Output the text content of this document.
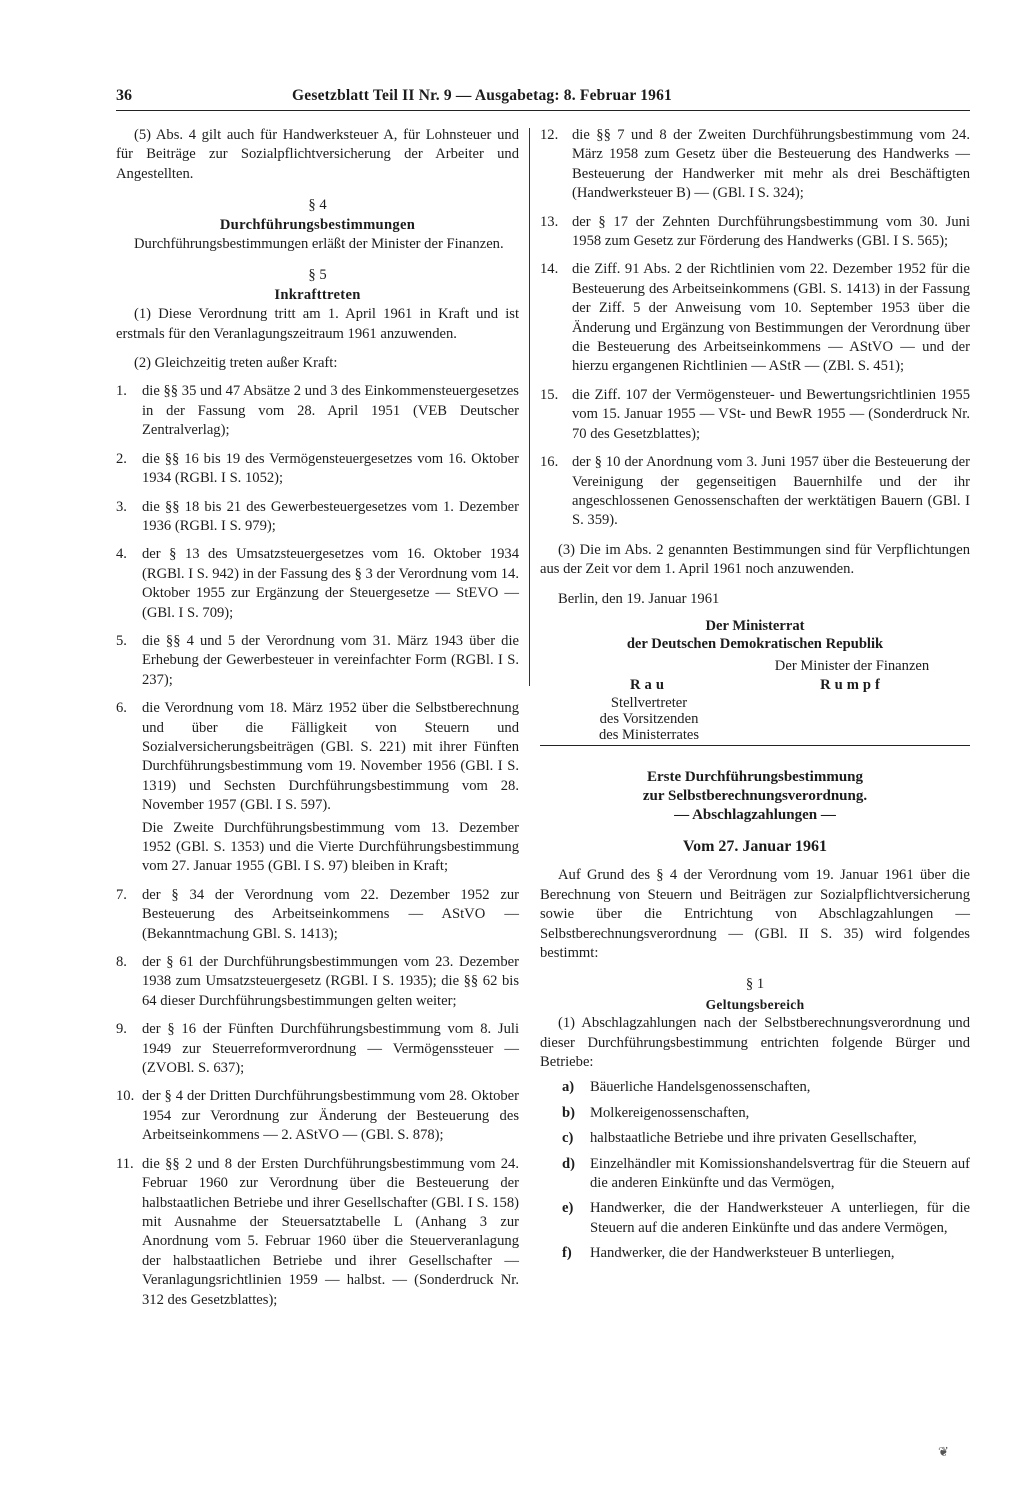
36	Gesetzblatt Teil II Nr. 9 — Ausgabetag: 8. Februar 1961

(5) Abs. 4 gilt auch für Handwerksteuer A, für Lohnsteuer und für Beiträge zur Sozialpflichtversicherung der Arbeiter und Angestellten.

§ 4

Durchführungsbestimmungen

Durchführungsbestimmungen erläßt der Minister der Finanzen.

§ 5

Inkrafttreten

(1) Diese Verordnung tritt am 1. April 1961 in Kraft und ist erstmals für den Veranlagungszeitraum 1961 anzuwenden.

(2) Gleichzeitig treten außer Kraft:

1. die §§ 35 und 47 Absätze 2 und 3 des Einkommensteuergesetzes in der Fassung vom 28. April 1951 (VEB Deutscher Zentralverlag);

2. die §§ 16 bis 19 des Vermögensteuergesetzes vom 16. Oktober 1934 (RGBl. I S. 1052);

3. die §§ 18 bis 21 des Gewerbesteuergesetzes vom 1. Dezember 1936 (RGBl. I S. 979);

4. der § 13 des Umsatzsteuergesetzes vom 16. Oktober 1934 (RGBl. I S. 942) in der Fassung des § 3 der Verordnung vom 14. Oktober 1955 zur Ergänzung der Steuergesetze — StEVO — (GBl. I S. 709);

5. die §§ 4 und 5 der Verordnung vom 31. März 1943 über die Erhebung der Gewerbesteuer in vereinfachter Form (RGBl. I S. 237);

6. die Verordnung vom 18. März 1952 über die Selbstberechnung und über die Fälligkeit von Steuern und Sozialversicherungsbeiträgen (GBl. S. 221) mit ihrer Fünften Durchführungsbestimmung vom 19. November 1956 (GBl. I S. 1319) und Sechsten Durchführungsbestimmung vom 28. November 1957 (GBl. I S. 597).

Die Zweite Durchführungsbestimmung vom 13. Dezember 1952 (GBl. S. 1353) und die Vierte Durchführungsbestimmung vom 27. Januar 1955 (GBl. I S. 97) bleiben in Kraft;

7. der § 34 der Verordnung vom 22. Dezember 1952 zur Besteuerung des Arbeitseinkommens — AStVO — (Bekanntmachung GBl. S. 1413);

8. der § 61 der Durchführungsbestimmungen vom 23. Dezember 1938 zum Umsatzsteuergesetz (RGBl. I S. 1935); die §§ 62 bis 64 dieser Durchführungsbestimmungen gelten weiter;

9. der § 16 der Fünften Durchführungsbestimmung vom 8. Juli 1949 zur Steuerreformverordnung — Vermögenssteuer — (ZVOBl. S. 637);

10. der § 4 der Dritten Durchführungsbestimmung vom 28. Oktober 1954 zur Verordnung zur Änderung der Besteuerung des Arbeitseinkommens — 2. AStVO — (GBl. S. 878);

11. die §§ 2 und 8 der Ersten Durchführungsbestimmung vom 24. Februar 1960 zur Verordnung über die Besteuerung der halbstaatlichen Betriebe und ihrer Gesellschafter (GBl. I S. 158) mit Ausnahme der Steuersatztabelle L (Anhang 3 zur Anordnung vom 5. Februar 1960 über die Steuerveranlagung der halbstaatlichen Betriebe und ihrer Gesellschafter — Veranlagungsrichtlinien 1959 — halbst. — (Sonderdruck Nr. 312 des Gesetzblattes);

12. die §§ 7 und 8 der Zweiten Durchführungsbestimmung vom 24. März 1958 zum Gesetz über die Besteuerung des Handwerks — Besteuerung der Handwerker mit mehr als drei Beschäftigten (Handwerksteuer B) — (GBl. I S. 324);

13. der § 17 der Zehnten Durchführungsbestimmung vom 30. Juni 1958 zum Gesetz zur Förderung des Handwerks (GBl. I S. 565);

14. die Ziff. 91 Abs. 2 der Richtlinien vom 22. Dezember 1952 für die Besteuerung des Arbeitseinkommens (GBl. S. 1413) in der Fassung der Ziff. 5 der Anweisung vom 10. September 1953 über die Änderung und Ergänzung von Bestimmungen der Verordnung über die Besteuerung des Arbeitseinkommens — AStVO — und der hierzu ergangenen Richtlinien — AStR — (ZBl. S. 451);

15. die Ziff. 107 der Vermögensteuer- und Bewertungsrichtlinien 1955 vom 15. Januar 1955 — VSt- und BewR 1955 — (Sonderdruck Nr. 70 des Gesetzblattes);

16. der § 10 der Anordnung vom 3. Juni 1957 über die Besteuerung der Vereinigung der gegenseitigen Bauernhilfe und der ihr angeschlossenen Genossenschaften der werktätigen Bauern (GBl. I S. 359).

(3) Die im Abs. 2 genannten Bestimmungen sind für Verpflichtungen aus der Zeit vor dem 1. April 1961 noch anzuwenden.

Berlin, den 19. Januar 1961

Der Ministerrat
der Deutschen Demokratischen Republik
Rau
Stellvertreter
des Vorsitzenden
des Ministerrates
Der Minister der Finanzen
Rumpf
Erste Durchführungsbestimmung
zur Selbstberechnungsverordnung.
— Abschlagzahlungen —

Vom 27. Januar 1961

Auf Grund des § 4 der Verordnung vom 19. Januar 1961 über die Berechnung von Steuern und Beiträgen zur Sozialpflichtversicherung sowie über die Entrichtung von Abschlagzahlungen — Selbstberechnungsverordnung — (GBl. II S. 35) wird folgendes bestimmt:

§ 1

Geltungsbereich

(1) Abschlagzahlungen nach der Selbstberechnungsverordnung und dieser Durchführungsbestimmung entrichten folgende Bürger und Betriebe:

a) Bäuerliche Handelsgenossenschaften,

b) Molkereigenossenschaften,

c) halbstaatliche Betriebe und ihre privaten Gesellschafter,

d) Einzelhändler mit Komissionshandelsvertrag für die Steuern auf die anderen Einkünfte und das Vermögen,

e) Handwerker, die der Handwerksteuer A unterliegen, für die Steuern auf die anderen Einkünfte und das andere Vermögen,

f) Handwerker, die der Handwerksteuer B unterliegen,

❦
